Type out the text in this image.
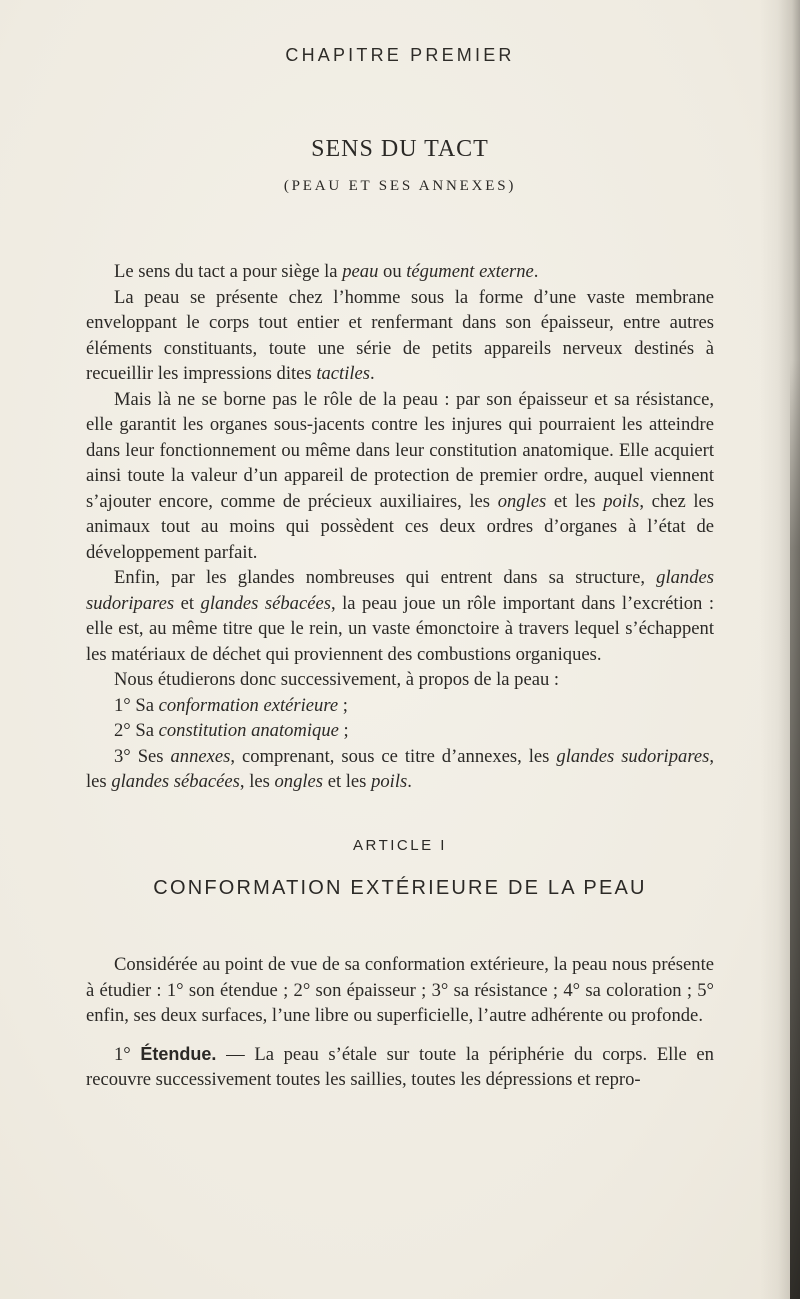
CHAPITRE PREMIER
SENS DU TACT
(PEAU ET SES ANNEXES)

Le sens du tact a pour siège la peau ou tégument externe.

La peau se présente chez l’homme sous la forme d’une vaste membrane enveloppant le corps tout entier et renfermant dans son épaisseur, entre autres éléments constituants, toute une série de petits appareils nerveux destinés à recueillir les impressions dites tactiles.

Mais là ne se borne pas le rôle de la peau : par son épaisseur et sa résistance, elle garantit les organes sous-jacents contre les injures qui pourraient les atteindre dans leur fonctionnement ou même dans leur constitution anatomique. Elle acquiert ainsi toute la valeur d’un appareil de protection de premier ordre, auquel viennent s’ajouter encore, comme de précieux auxiliaires, les ongles et les poils, chez les animaux tout au moins qui possèdent ces deux ordres d’organes à l’état de développement parfait.

Enfin, par les glandes nombreuses qui entrent dans sa structure, glandes sudoripares et glandes sébacées, la peau joue un rôle important dans l’excrétion : elle est, au même titre que le rein, un vaste émonctoire à travers lequel s’échappent les matériaux de déchet qui proviennent des combustions organiques.

Nous étudierons donc successivement, à propos de la peau :

1° Sa conformation extérieure ;

2° Sa constitution anatomique ;

3° Ses annexes, comprenant, sous ce titre d’annexes, les glandes sudoripares, les glandes sébacées, les ongles et les poils.

ARTICLE I
CONFORMATION EXTÉRIEURE DE LA PEAU

Considérée au point de vue de sa conformation extérieure, la peau nous présente à étudier : 1° son étendue ; 2° son épaisseur ; 3° sa résistance ; 4° sa coloration ; 5° enfin, ses deux surfaces, l’une libre ou superficielle, l’autre adhérente ou profonde.

1° Étendue. — La peau s’étale sur toute la périphérie du corps. Elle en recouvre successivement toutes les saillies, toutes les dépressions et repro-
